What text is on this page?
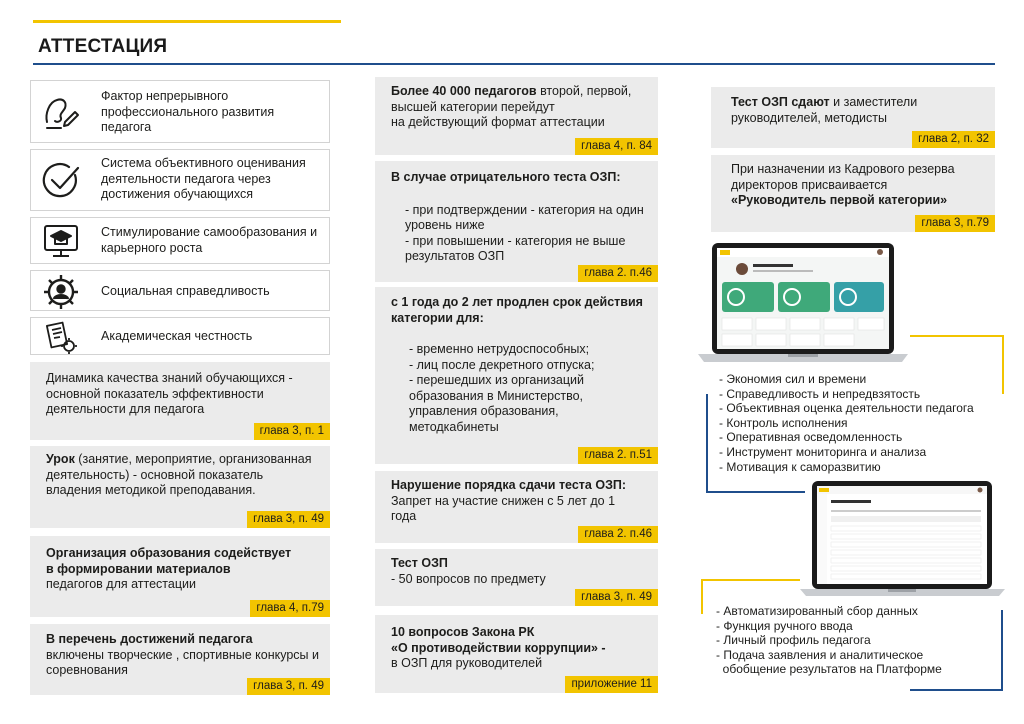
АТТЕСТАЦИЯ
Фактор непрерывного профессионального развития педагога
Система объективного оценивания деятельности педагога через достижения обучающихся
Стимулирование самообразования и карьерного роста
Социальная справедливость
Академическая честность
Динамика качества знаний обучающихся - основной показатель эффективности деятельности для педагога
глава 3, п. 1
Урок (занятие, мероприятие, организованная деятельность) - основной показатель владения методикой преподавания.
глава 3, п. 49
Организация образования содействует
в формировании материалов
педагогов для аттестации
глава 4, п.79
В перечень достижений педагога
включены творческие , спортивные конкурсы и соревнования
глава 3, п. 49
Более 40 000 педагогов второй, первой, высшей категории перейдут
на действующий формат аттестации
глава 4, п. 84
В случае отрицательного теста ОЗП:
- при подтверждении - категория на один уровень ниже
- при повышении - категория не выше результатов ОЗП
глава 2. п.46
с 1 года до 2 лет продлен срок действия категории для:
- временно нетрудоспособных;
- лиц после декретного отпуска;
- перешедших из организаций образования в Министерство, управления образования, методкабинеты
глава 2. п.51
Нарушение порядка сдачи теста ОЗП:
Запрет на участие снижен с 5 лет до 1 года
глава 2. п.46
Тест ОЗП
- 50 вопросов по предмету
глава 3, п. 49
10 вопросов Закона РК
«О противодействии коррупции» -
в ОЗП для руководителей
приложение 11
Тест ОЗП сдают и заместители руководителей, методисты
глава 2, п. 32
При назначении из Кадрового резерва директоров присваивается
«Руководитель первой категории»
глава 3, п.79
- Экономия сил и времени
- Справедливость и непредвзятость
- Объективная оценка деятельности педагога
- Контроль исполнения
- Оперативная осведомленность
- Инструмент мониторинга и анализа
- Мотивация к саморазвитию
- Автоматизированный сбор данных
- Функция ручного ввода
- Личный профиль педагога
- Подача заявления и аналитическое
обобщение результатов на Платформе
